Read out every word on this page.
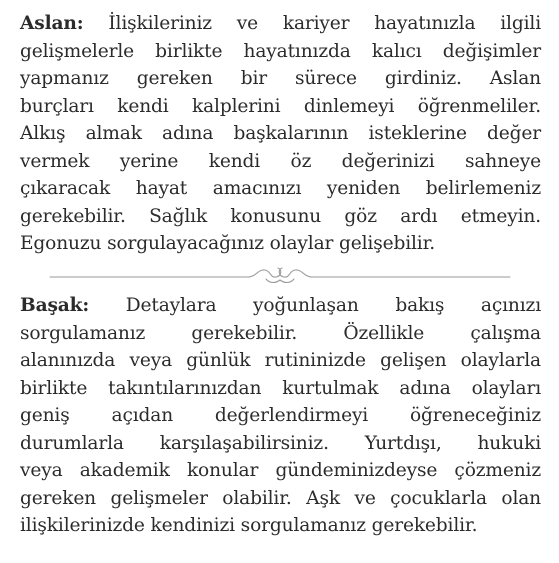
Aslan: İlişkileriniz ve kariyer hayatınızla ilgili
gelişmelerle birlikte hayatınızda kalıcı değişimler
yapmanız gereken bir sürece girdiniz. Aslan
burçları kendi kalplerini dinlemeyi öğrenmeliler.
Alkış almak adına başkalarının isteklerine değer
vermek yerine kendi öz değerinizi sahneye
çıkaracak hayat amacınızı yeniden belirlemeniz
gerekebilir. Sağlık konusunu göz ardı etmeyin.
Egonuzu sorgulayacağınız olaylar gelişebilir.
Başak: Detaylara yoğunlaşan bakış açınızı
sorgulamanız gerekebilir. Özellikle çalışma
alanınızda veya günlük rutininizde gelişen olaylarla
birlikte takıntılarınızdan kurtulmak adına olayları
geniş açıdan değerlendirmeyi öğreneceğiniz
durumlarla karşılaşabilirsiniz. Yurtdışı, hukuki
veya akademik konular gündeminizdeyse çözmeniz
gereken gelişmeler olabilir. Aşk ve çocuklarla olan
ilişkilerinizde kendinizi sorgulamanız gerekebilir.
